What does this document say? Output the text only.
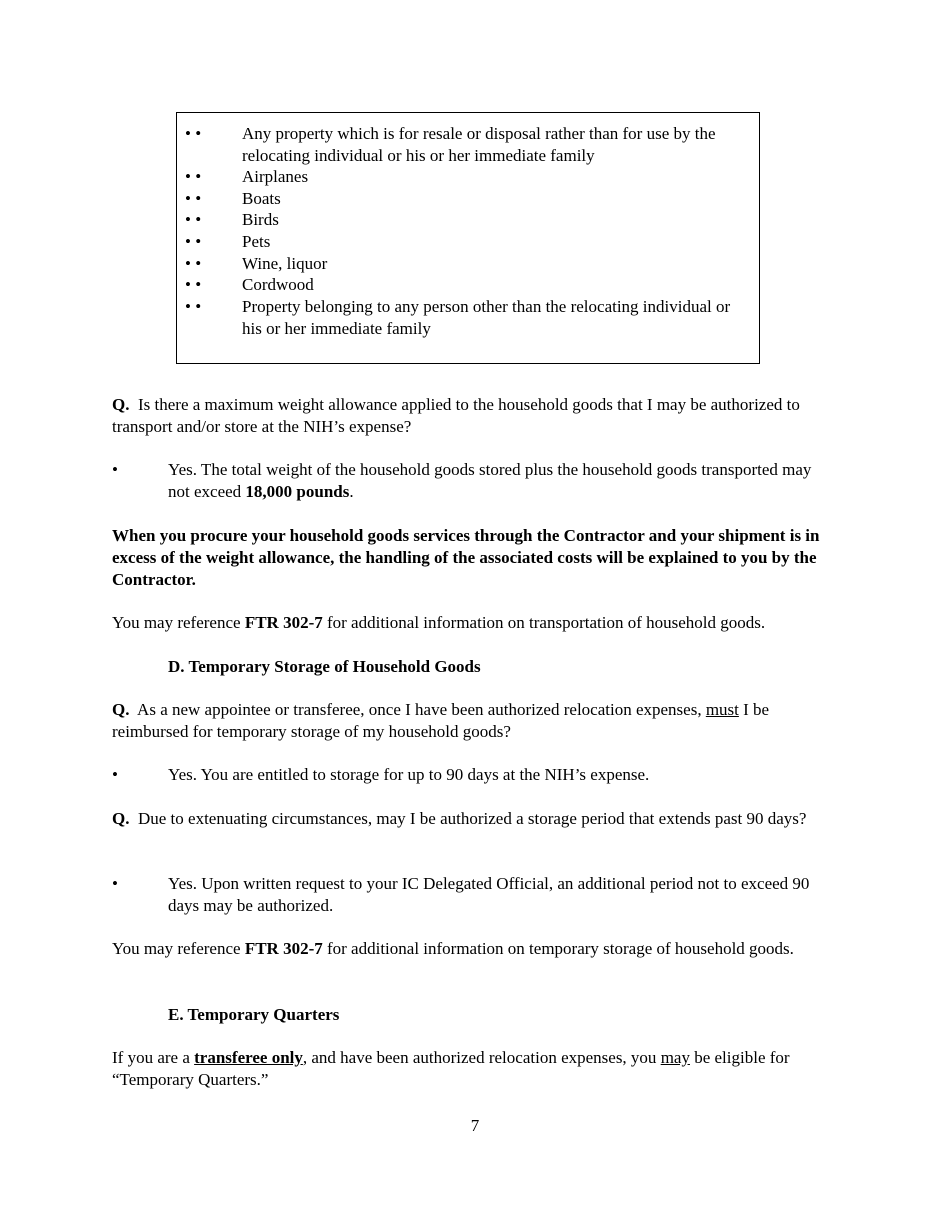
• •	Any property which is for resale or disposal rather than for use by the relocating individual or his or her immediate family
• •	Airplanes
• •	Boats
• •	Birds
• •	Pets
• •	Wine, liquor
• •	Cordwood
• •	Property belonging to any person other than the relocating individual or his or her immediate family
Q. Is there a maximum weight allowance applied to the household goods that I may be authorized to transport and/or store at the NIH’s expense?
•	Yes. The total weight of the household goods stored plus the household goods transported may not exceed 18,000 pounds.
When you procure your household goods services through the Contractor and your shipment is in excess of the weight allowance, the handling of the associated costs will be explained to you by the Contractor.
You may reference FTR 302-7 for additional information on transportation of household goods.
D. Temporary Storage of Household Goods
Q. As a new appointee or transferee, once I have been authorized relocation expenses, must I be reimbursed for temporary storage of my household goods?
•	Yes. You are entitled to storage for up to 90 days at the NIH’s expense.
Q. Due to extenuating circumstances, may I be authorized a storage period that extends past 90 days?
•	Yes. Upon written request to your IC Delegated Official, an additional period not to exceed 90 days may be authorized.
You may reference FTR 302-7 for additional information on temporary storage of household goods.
E. Temporary Quarters
If you are a transferee only, and have been authorized relocation expenses, you may be eligible for “Temporary Quarters.”
7
